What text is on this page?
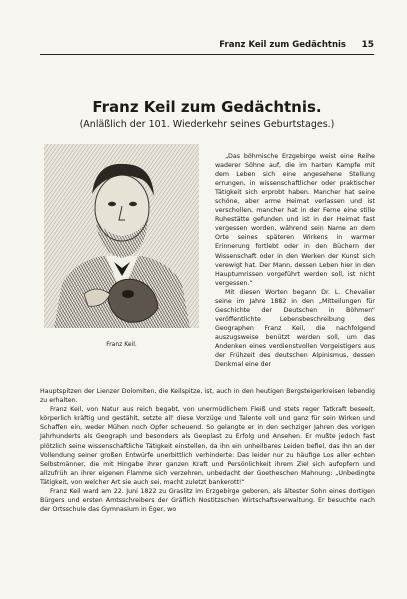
Franz Keil zum Gedächtnis 15
Franz Keil zum Gedächtnis.
(Anläßlich der 101. Wiederkehr seines Geburtstages.)
Franz Keil.

„Das böhmische Erzgebirge weist eine Reihe waderer Söhne auf, die im harten Kampfe mit dem Leben sich eine angesehene Stellung errungen, in wissenschaftlicher oder praktischer Tätigkeit sich erprobt haben. Mancher hat seine schöne, aber arme Heimat verlassen und ist verschollen, mancher hat in der Ferne eine stille Ruhestätte gefunden und ist in der Heimat fast vergessen worden, während sein Name an dem Orte seines späteren Wirkens in warmer Erinnerung fortlebt oder in den Büchern der Wissenschaft oder in den Werken der Kunst sich verewigt hat. Der Mann, dessen Leben hier in den Hauptumrissen vorgeführt werden soll, ist nicht vergessen.“

Mit diesen Worten begann Dr. L. Chevalier seine im Jahre 1882 in den „Mitteilungen für Geschichte der Deutschen in Böhmen“ veröffentlichte Lebensbeschreibung des Geographen Franz Keil, die nachfolgend auszugsweise benützt werden soll, um das Andenken eines verdienstvollen Vorgeistigers aus der Frühzeit des deutschen Alpinismus, dessen Denkmal eine der

Hauptspitzen der Lienzer Dolomiten, die Keilspitze, ist, auch in den heutigen Bergsteigerkreisen lebendig zu erhalten.

Franz Keil, von Natur aus reich begabt, von unermüdlichem Fleiß und stets reger Tatkraft beseelt, körperlich kräftig und gestählt, setzte all' diese Vorzüge und Talente voll und ganz für sein Wirken und Schaffen ein, weder Mühen noch Opfer scheuend. So gelangte er in den sechziger Jahren des vorigen Jahrhunderts als Geograph und besonders als Geoplast zu Erfolg und Ansehen. Er mußte jedoch fast plötzlich seine wissenschaftliche Tätigkeit einstellen, da ihn ein unheilbares Leiden befiel, das ihn an der Vollendung seiner großen Entwürfe unerbittlich verhinderte: Das leider nur zu häufige Los aller echten Selbstmänner, die mit Hingabe ihrer ganzen Kraft und Persönlichkeit ihrem Ziel sich aufopfern und allzufrüh an ihrer eigenen Flamme sich verzehren, unbedacht der Goetheschen Mahnung: „Unbedingte Tätigkeit, von welcher Art sie auch sei, macht zuletzt bankerott!“

Franz Keil ward am 22. Juni 1822 zu Graslitz im Erzgebirge geboren, als ältester Sohn eines dortigen Bürgers und ersten Amtsschreibers der Gräflich Nostitzschen Wirtschaftsverwaltung. Er besuchte nach der Ortsschule das Gymnasium in Eger, wo
